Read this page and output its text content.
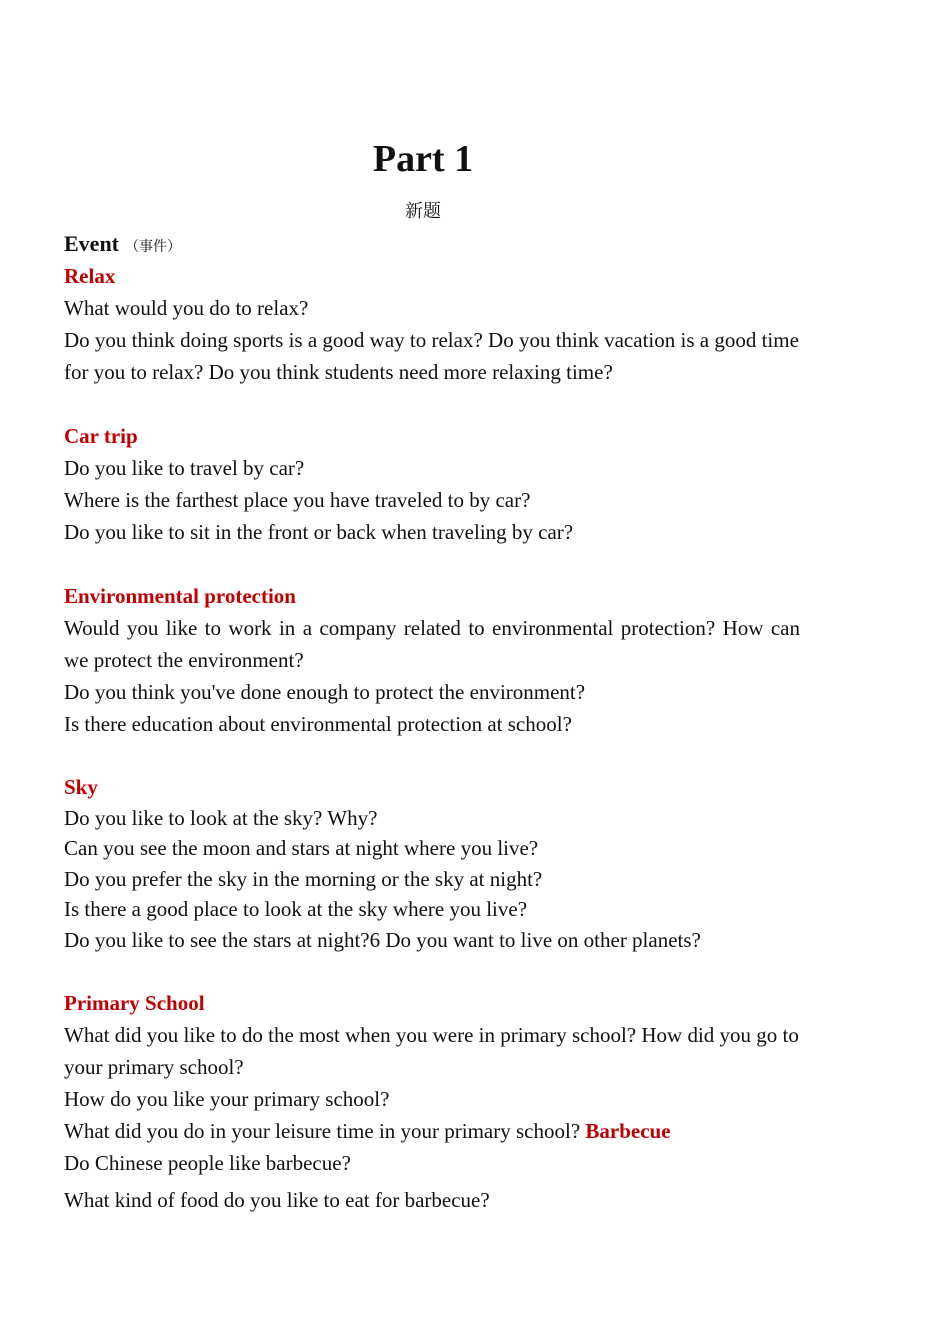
Part 1
新题
Event （事件）

Relax

What would you do to relax?

Do you think doing sports is a good way to relax? Do you think vacation is a good time for you to relax? Do you think students need more relaxing time?

Car trip

Do you like to travel by car?

Where is the farthest place you have traveled to by car?

Do you like to sit in the front or back when traveling by car?

Environmental protection

Would you like to work in a company related to environmental protection? How can we protect the environment?

Do you think you've done enough to protect the environment?

Is there education about environmental protection at school?

Sky

Do you like to look at the sky? Why?

Can you see the moon and stars at night where you live?

Do you prefer the sky in the morning or the sky at night?

Is there a good place to look at the sky where you live?

Do you like to see the stars at night?6 Do you want to live on other planets?

Primary School

What did you like to do the most when you were in primary school? How did you go to your primary school?

How do you like your primary school?

What did you do in your leisure time in your primary school? Barbecue

Do Chinese people like barbecue?

What kind of food do you like to eat for barbecue?
